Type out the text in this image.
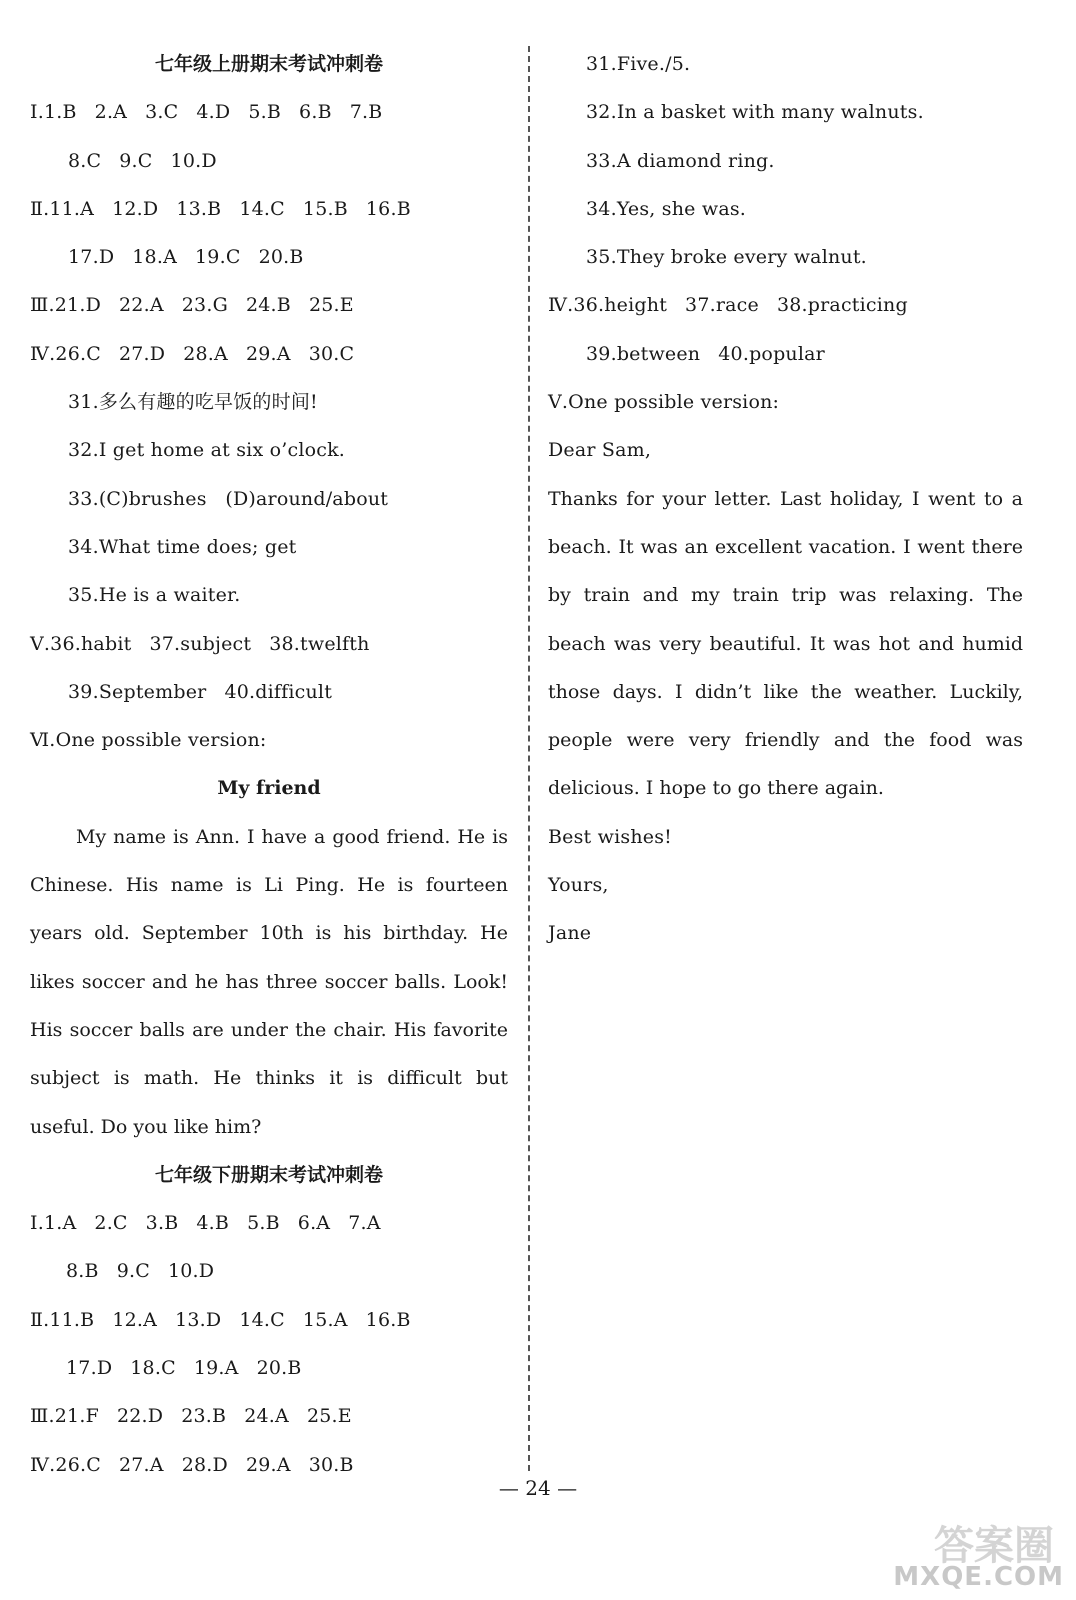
七年级上册期末考试冲刺卷
Ⅰ.1.B 2.A 3.C 4.D 5.B 6.B 7.B
8.C 9.C 10.D
Ⅱ.11.A 12.D 13.B 14.C 15.B 16.B
17.D 18.A 19.C 20.B
Ⅲ.21.D 22.A 23.G 24.B 25.E
Ⅳ.26.C 27.D 28.A 29.A 30.C
31.多么有趣的吃早饭的时间!
32.I get home at six o’clock.
33.(C)brushes   (D)around/about
34.What time does; get
35.He is a waiter.
Ⅴ.36.habit 37.subject 38.twelfth
39.September 40.difficult
Ⅵ.One possible version:
My friend
My name is Ann. I have a good friend. He is Chinese. His name is Li Ping. He is fourteen years old. September 10th is his birthday. He likes soccer and he has three soccer balls. Look! His soccer balls are under the chair. His favorite subject is math. He thinks it is difficult but useful. Do you like him?
七年级下册期末考试冲刺卷
Ⅰ.1.A 2.C 3.B 4.B 5.B 6.A 7.A
8.B 9.C 10.D
Ⅱ.11.B 12.A 13.D 14.C 15.A 16.B
17.D 18.C 19.A 20.B
Ⅲ.21.F 22.D 23.B 24.A 25.E
Ⅳ.26.C 27.A 28.D 29.A 30.B
31.Five./5.
32.In a basket with many walnuts.
33.A diamond ring.
34.Yes, she was.
35.They broke every walnut.
Ⅳ.36.height 37.race 38.practicing
39.between 40.popular
Ⅴ.One possible version:
Dear Sam,
Thanks for your letter. Last holiday, I went to a beach. It was an excellent vacation. I went there by train and my train trip was relaxing. The beach was very beautiful. It was hot and humid those days. I didn’t like the weather. Luckily, people were very friendly and the food was delicious. I hope to go there again.
Best wishes!
Yours,
Jane
— 24 —
答案圈
MXQE.COM
